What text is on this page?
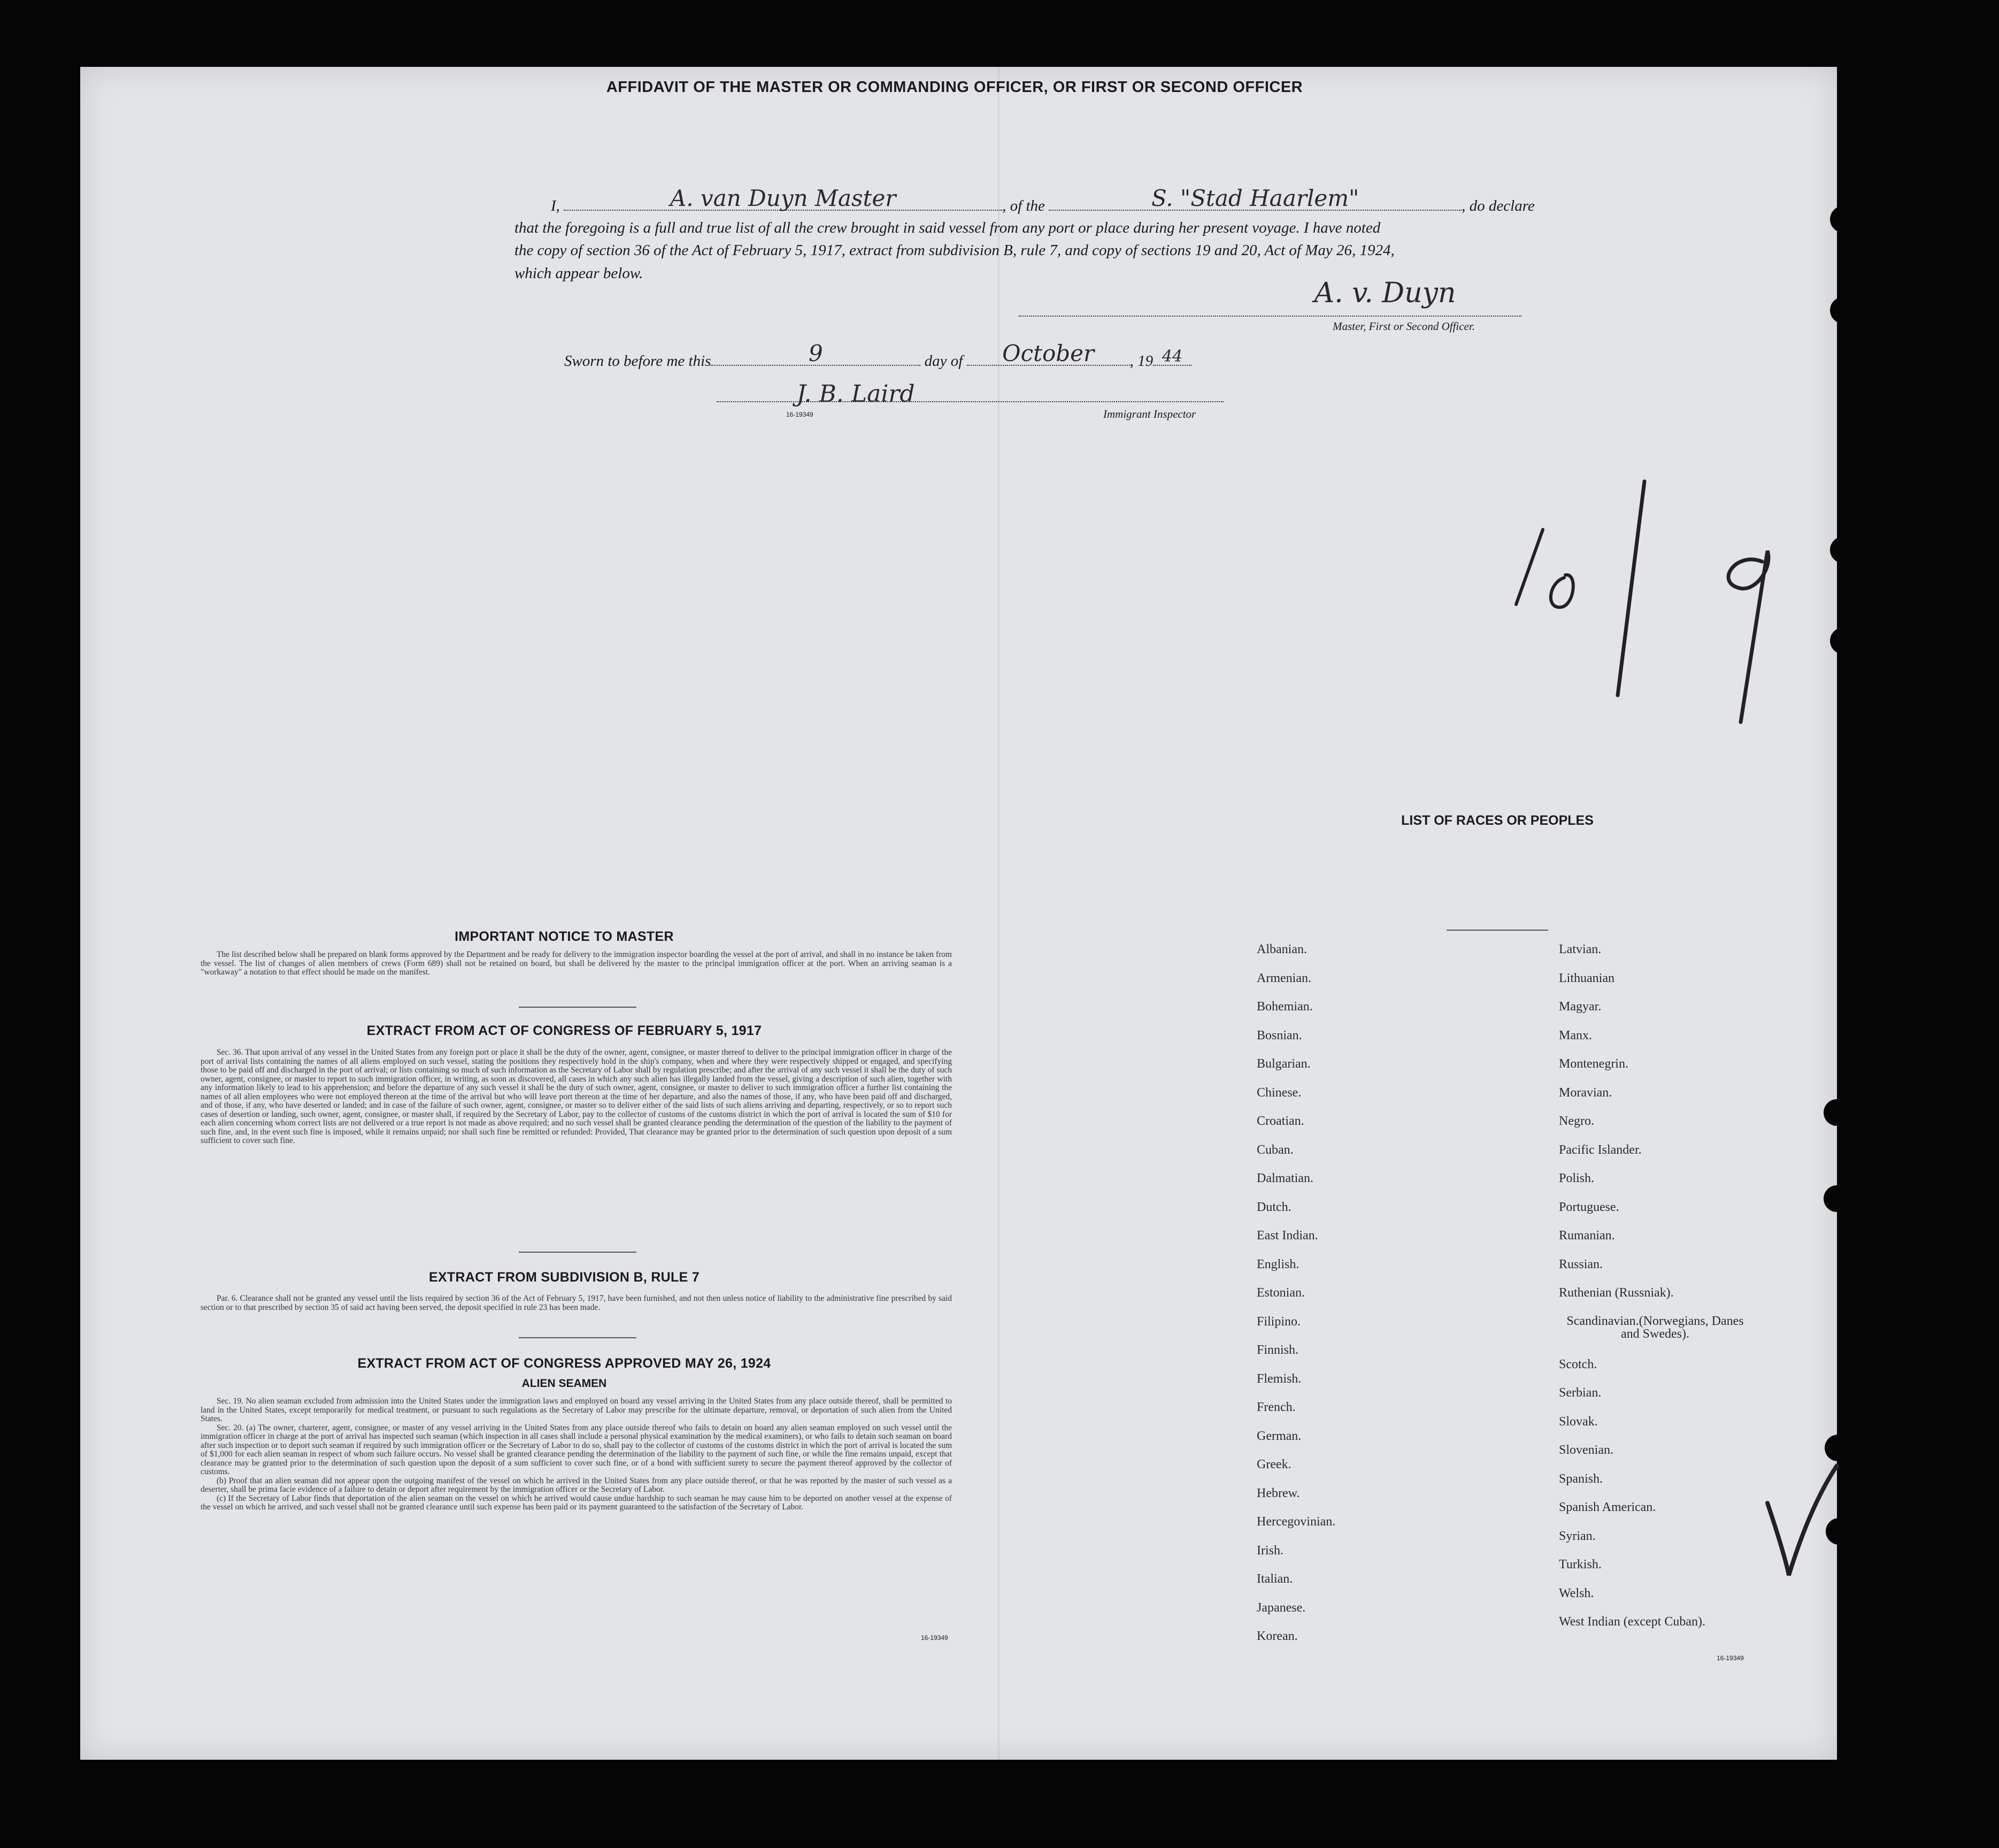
AFFIDAVIT OF THE MASTER OR COMMANDING OFFICER, OR FIRST OR SECOND OFFICER
I,	A. van Duyn Master	, of the	S. "Stad Haarlem"	, do declare
that the foregoing is a full and true list of all the crew brought in said vessel from any port or place during her present voyage. I have noted
the copy of section 36 of the Act of February 5, 1917, extract from subdivision B, rule 7, and copy of sections 19 and 20, Act of May 26, 1924,
which appear below.
A. v. Duyn
Master, First or Second Officer.
Sworn to before me this	9	day of	October	, 19 44
J. B. Laird
16-19349	Immigrant Inspector
IMPORTANT NOTICE TO MASTER

The list described below shall be prepared on blank forms approved by the Department and be ready for delivery to the immigration inspector boarding the vessel at the port of arrival, and shall in no instance be taken from the vessel. The list of changes of alien members of crews (Form 689) shall not be retained on board, but shall be delivered by the master to the principal immigration officer at the port. When an arriving seaman is a "workaway" a notation to that effect should be made on the manifest.

EXTRACT FROM ACT OF CONGRESS OF FEBRUARY 5, 1917

Sec. 36. That upon arrival of any vessel in the United States from any foreign port or place it shall be the duty of the owner, agent, consignee, or master thereof to deliver to the principal immigration officer in charge of the port of arrival lists containing the names of all aliens employed on such vessel, stating the positions they respectively hold in the ship's company, when and where they were respectively shipped or engaged, and specifying those to be paid off and discharged in the port of arrival; or lists containing so much of such information as the Secretary of Labor shall by regulation prescribe; and after the arrival of any such vessel it shall be the duty of such owner, agent, consignee, or master to report to such immigration officer, in writing, as soon as discovered, all cases in which any such alien has illegally landed from the vessel, giving a description of such alien, together with any information likely to lead to his apprehension; and before the departure of any such vessel it shall be the duty of such owner, agent, consignee, or master to deliver to such immigration officer a further list containing the names of all alien employees who were not employed thereon at the time of the arrival but who will leave port thereon at the time of her departure, and also the names of those, if any, who have been paid off and discharged, and of those, if any, who have deserted or landed; and in case of the failure of such owner, agent, consignee, or master so to deliver either of the said lists of such aliens arriving and departing, respectively, or so to report such cases of desertion or landing, such owner, agent, consignee, or master shall, if required by the Secretary of Labor, pay to the collector of customs of the customs district in which the port of arrival is located the sum of $10 for each alien concerning whom correct lists are not delivered or a true report is not made as above required; and no such vessel shall be granted clearance pending the determination of the question of the liability to the payment of such fine, and, in the event such fine is imposed, while it remains unpaid; nor shall such fine be remitted or refunded: Provided, That clearance may be granted prior to the determination of such question upon deposit of a sum sufficient to cover such fine.

EXTRACT FROM SUBDIVISION B, RULE 7

Par. 6. Clearance shall not be granted any vessel until the lists required by section 36 of the Act of February 5, 1917, have been furnished, and not then unless notice of liability to the administrative fine prescribed by said section or to that prescribed by section 35 of said act having been served, the deposit specified in rule 23 has been made.

EXTRACT FROM ACT OF CONGRESS APPROVED MAY 26, 1924
ALIEN SEAMEN

Sec. 19. No alien seaman excluded from admission into the United States under the immigration laws and employed on board any vessel arriving in the United States from any place outside thereof, shall be permitted to land in the United States, except temporarily for medical treatment, or pursuant to such regulations as the Secretary of Labor may prescribe for the ultimate departure, removal, or deportation of such alien from the United States.

Sec. 20. (a) The owner, charterer, agent, consignee, or master of any vessel arriving in the United States from any place outside thereof who fails to detain on board any alien seaman employed on such vessel until the immigration officer in charge at the port of arrival has inspected such seaman (which inspection in all cases shall include a personal physical examination by the medical examiners), or who fails to detain such seaman on board after such inspection or to deport such seaman if required by such immigration officer or the Secretary of Labor to do so, shall pay to the collector of customs of the customs district in which the port of arrival is located the sum of $1,000 for each alien seaman in respect of whom such failure occurs. No vessel shall be granted clearance pending the determination of the liability to the payment of such fine, or while the fine remains unpaid, except that clearance may be granted prior to the determination of such question upon the deposit of a sum sufficient to cover such fine, or of a bond with sufficient surety to secure the payment thereof approved by the collector of customs.

(b) Proof that an alien seaman did not appear upon the outgoing manifest of the vessel on which he arrived in the United States from any place outside thereof, or that he was reported by the master of such vessel as a deserter, shall be prima facie evidence of a failure to detain or deport after requirement by the immigration officer or the Secretary of Labor.

(c) If the Secretary of Labor finds that deportation of the alien seaman on the vessel on which he arrived would cause undue hardship to such seaman he may cause him to be deported on another vessel at the expense of the vessel on which he arrived, and such vessel shall not be granted clearance until such expense has been paid or its payment guaranteed to the satisfaction of the Secretary of Labor.

16-19349
LIST OF RACES OR PEOPLES
Albanian.
Armenian.
Bohemian.
Bosnian.
Bulgarian.
Chinese.
Croatian.
Cuban.
Dalmatian.
Dutch.
East Indian.
English.
Estonian.
Filipino.
Finnish.
Flemish.
French.
German.
Greek.
Hebrew.
Hercegovinian.
Irish.
Italian.
Japanese.
Korean.
Latvian.
Lithuanian
Magyar.
Manx.
Montenegrin.
Moravian.
Negro.
Pacific Islander.
Polish.
Portuguese.
Rumanian.
Russian.
Ruthenian (Russniak).
Scandinavian.(Norwegians, Danes and Swedes).
Scotch.
Serbian.
Slovak.
Slovenian.
Spanish.
Spanish American.
Syrian.
Turkish.
Welsh.
West Indian (except Cuban).
16-19349
